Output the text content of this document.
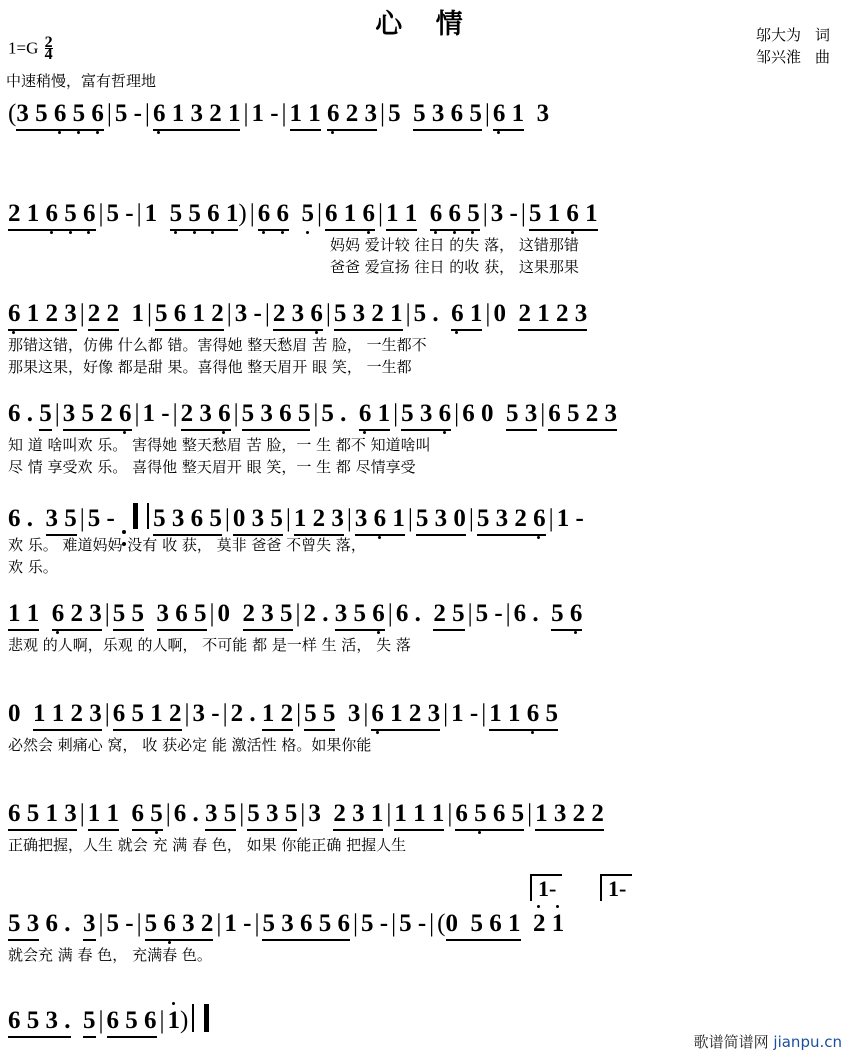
心 情	邬大为 词
邹兴淮 曲
$1=G \frac{2}{4}$
中速稍慢，富有哲理地
(3 5 6 5 6 | 5 - | 6 1 3 2 1 | 1 - | 1 1 6 2 3 | 5 5 3 6 5 | 6 1 3
2 1 6 5 6 | 5 - | 1 5 5 6 1) | 6 6 5 | 6 1 6 | 1 1 6 6 5 | 3 - | 5 1 6 1
妈妈 爱计较 往日 的失 落， 这错那错
爸爸 爱宣扬 往日 的收 获， 这果那果
6 1 2 3 | 2 2 1 | 5 6 1 2 | 3 - | 2 3 6 | 5 3 2 1 | 5 . 6 1 | 0 2 1 2 3
那错这错，仿佛 什么都 错。害得她 整天愁眉 苦 脸， 一生都不
那果这果，好像 都是甜 果。喜得他 整天眉开 眼 笑， 一生都
6 . 5 | 3 5 2 6 | 1 - | 2 3 6 | 5 3 6 5 | 5 . 6 1 | 5 3 6 | 6 0 5 3 | 6 5 2 3
知 道 啥叫欢 乐。 害得她 整天愁眉 苦 脸，一 生 都不 知道啥叫
尽 情 享受欢 乐。 喜得他 整天眉开 眼 笑，一 生 都 尽情享受
6 . 3 5 | 5 - 5 3 6 5 | 0 3 5 | 1 2 3 | 3 6 1 | 5 3 0 | 5 3 2 6 | 1 -
欢 乐。 难道妈妈 没有 收 获， 莫非 爸爸 不曾失 落，
欢 乐。
1 1 6 2 3 | 5 5 3 6 5 | 0 2 3 5 | 2 . 3 5 6 | 6 . 2 5 | 5 - | 6 . 5 6
悲观 的人啊，乐观 的人啊， 不可能 都 是一样 生 活， 失 落
0 1 1 2 3 | 6 5 1 2 | 3 - | 2 . 1 2 | 5 5 3 | 6 1 2 3 | 1 - | 1 1 6 5
必然会 刺痛心 窝， 收 获必定 能 激活性 格。如果你能
6 5 1 3 | 1 1 6 5 | 6 . 3 5 | 5 3 5 | 3 2 3 1 | 1 1 1 | 6 5 6 5 | 1 3 2 2
正确把握，人生 就会 充 满 春 色， 如果 你能正确 把握人生
1-	1-
5 3 6 . 3 | 5 - | 5 6 3 2 | 1 - | 5 3 6 5 6 | 5 - | 5 - | (0  5 6 1 2 1
就会充 满 春 色， 充满春 色。
6 5 3 . 5 | 6 5 6 | 1)
歌谱简谱网 jianpu.cn
